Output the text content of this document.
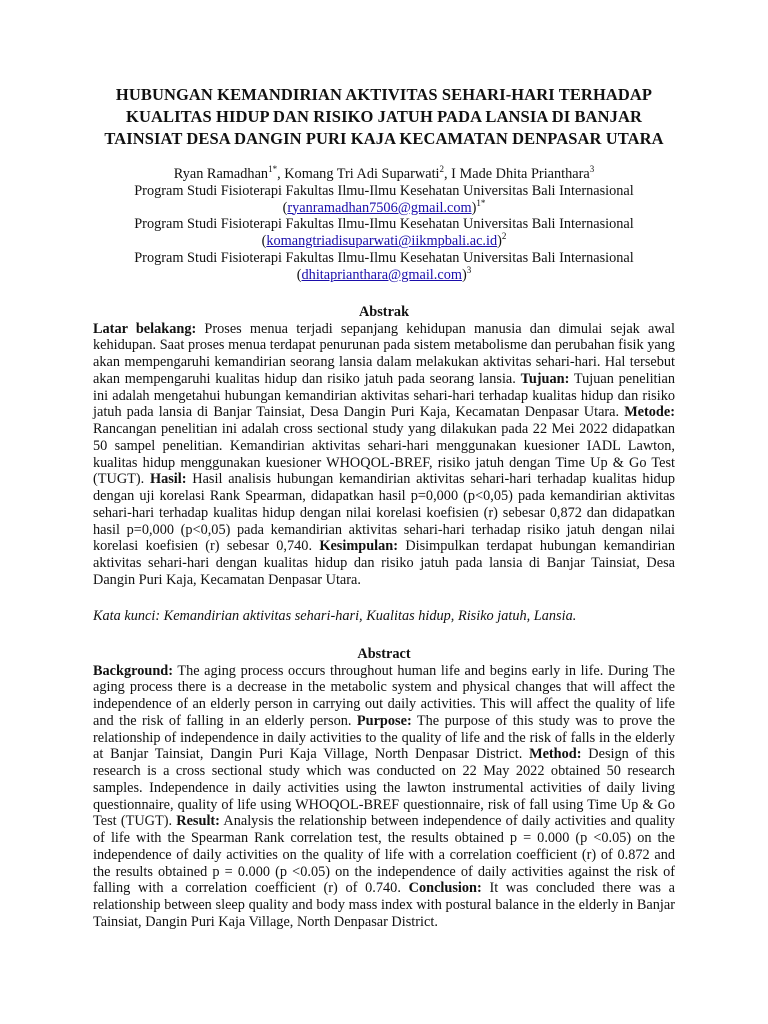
HUBUNGAN KEMANDIRIAN AKTIVITAS SEHARI-HARI TERHADAP KUALITAS HIDUP DAN RISIKO JATUH PADA LANSIA DI BANJAR TAINSIAT DESA DANGIN PURI KAJA KECAMATAN DENPASAR UTARA
Ryan Ramadhan$^{1*}$, Komang Tri Adi Suparwati$^2$, I Made Dhita Prianthara$^3$
Program Studi Fisioterapi Fakultas Ilmu-Ilmu Kesehatan Universitas Bali Internasional
(ryanramadhan7506@gmail.com)$^{1*}$
Program Studi Fisioterapi Fakultas Ilmu-Ilmu Kesehatan Universitas Bali Internasional
(komangtriadisuparwati@iikmpbali.ac.id)$^2$
Program Studi Fisioterapi Fakultas Ilmu-Ilmu Kesehatan Universitas Bali Internasional
(dhitaprianthara@gmail.com)$^3$
Abstrak

Latar belakang: Proses menua terjadi sepanjang kehidupan manusia dan dimulai sejak awal kehidupan. Saat proses menua terdapat penurunan pada sistem metabolisme dan perubahan fisik yang akan mempengaruhi kemandirian seorang lansia dalam melakukan aktivitas sehari-hari. Hal tersebut akan mempengaruhi kualitas hidup dan risiko jatuh pada seorang lansia. Tujuan: Tujuan penelitian ini adalah mengetahui hubungan kemandirian aktivitas sehari-hari terhadap kualitas hidup dan risiko jatuh pada lansia di Banjar Tainsiat, Desa Dangin Puri Kaja, Kecamatan Denpasar Utara. Metode: Rancangan penelitian ini adalah cross sectional study yang dilakukan pada 22 Mei 2022 didapatkan 50 sampel penelitian. Kemandirian aktivitas sehari-hari menggunakan kuesioner IADL Lawton, kualitas hidup menggunakan kuesioner WHOQOL-BREF, risiko jatuh dengan Time Up & Go Test (TUGT). Hasil: Hasil analisis hubungan kemandirian aktivitas sehari-hari terhadap kualitas hidup dengan uji korelasi Rank Spearman, didapatkan hasil p=0,000 (p<0,05) pada kemandirian aktivitas sehari-hari terhadap kualitas hidup dengan nilai korelasi koefisien (r) sebesar 0,872 dan didapatkan hasil p=0,000 (p<0,05) pada kemandirian aktivitas sehari-hari terhadap risiko jatuh dengan nilai korelasi koefisien (r) sebesar 0,740. Kesimpulan: Disimpulkan terdapat hubungan kemandirian aktivitas sehari-hari dengan kualitas hidup dan risiko jatuh pada lansia di Banjar Tainsiat, Desa Dangin Puri Kaja, Kecamatan Denpasar Utara.

Kata kunci: Kemandirian aktivitas sehari-hari, Kualitas hidup, Risiko jatuh, Lansia.

Abstract

Background: The aging process occurs throughout human life and begins early in life. During The aging process there is a decrease in the metabolic system and physical changes that will affect the independence of an elderly person in carrying out daily activities. This will affect the quality of life and the risk of falling in an elderly person. Purpose: The purpose of this study was to prove the relationship of independence in daily activities to the quality of life and the risk of falls in the elderly at Banjar Tainsiat, Dangin Puri Kaja Village, North Denpasar District. Method: Design of this research is a cross sectional study which was conducted on 22 May 2022 obtained 50 research samples. Independence in daily activities using the lawton instrumental activities of daily living questionnaire, quality of life using WHOQOL-BREF questionnaire, risk of fall using Time Up & Go Test (TUGT). Result: Analysis the relationship between independence of daily activities and quality of life with the Spearman Rank correlation test, the results obtained p = 0.000 (p <0.05) on the independence of daily activities on the quality of life with a correlation coefficient (r) of 0.872 and the results obtained p = 0.000 (p <0.05) on the independence of daily activities against the risk of falling with a correlation coefficient (r) of 0.740. Conclusion: It was concluded there was a relationship between sleep quality and body mass index with postural balance in the elderly in Banjar Tainsiat, Dangin Puri Kaja Village, North Denpasar District.
